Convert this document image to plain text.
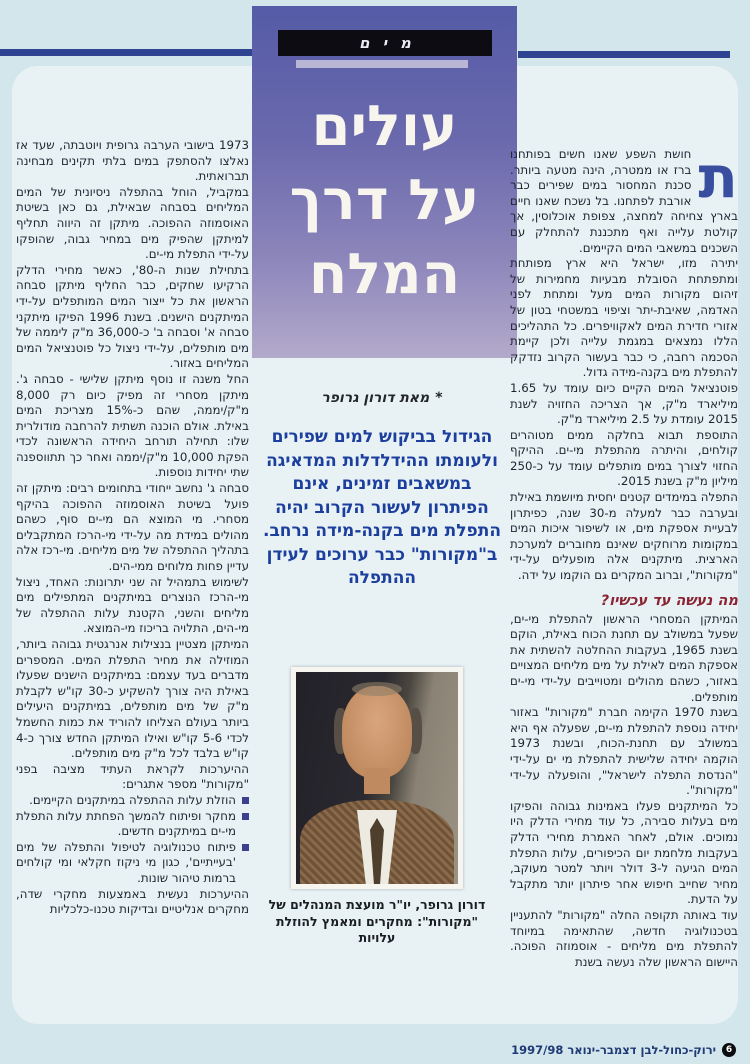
מים
עולים
על דרך
המלח

ת
חושת השפע שאנו חשים בפותחנו ברז או ממטרה, הינה מטעה ביותר. סכנת המחסור במים שפירים כבר אורבת לפתחנו. בל נשכח שאנו חיים בארץ צחיחה למחצה, צפופת אוכלוסין, אך קולטת עלייה ואף מתכננת להתחלק עם השכנים במשאבי המים הקיימים.

יתירה מזו, ישראל היא ארץ מפותחת ומתפתחת הסובלת מבעיות מחמירות של זיהום מקורות המים מעל ומתחת לפני האדמה, שאיבת-יתר וציפוי במשטחי בטון של אזורי חדירת המים לאקוויפרים. כל התהליכים הללו נמצאים במגמת עלייה ולכן קיימת הסכמה רחבה, כי כבר בעשור הקרוב נזדקק להתפלת מים בקנה-מידה גדול.

פוטנציאל המים הקיים כיום עומד על 1.65 מיליארד מ"ק, אך הצריכה החזויה לשנת 2015 עומדת על 2.5 מיליארד מ"ק.

התוספת תבוא בחלקה ממים מטוהרים קולחים, והיתרה מהתפלת מי-ים. ההיקף החזוי לצורך במים מותפלים עומד על כ-250 מיליון מ"ק בשנת 2015.

התפלה במימדים קטנים יחסית מיושמת באילת ובערבה כבר למעלה מ-30 שנה, כפיתרון לבעיית אספקת מים, או לשיפור איכות המים במקומות מרוחקים שאינם מחוברים למערכת הארצית. מיתקנים אלה מופעלים על-ידי "מקורות", וברוב המקרים גם הוקמו על ידה.

מה נעשה עד עכשיו?

המיתקן המסחרי הראשון להתפלת מי-ים, שפעל במשולב עם תחנת הכוח באילת, הוקם בשנת 1965, בעקבות ההחלטה להשתית את אספקת המים לאילת על מים מליחים המצויים באזור, כשהם מהולים ומטוייבים על-ידי מי-ים מותפלים.

בשנת 1970 הקימה חברת "מקורות" באזור יחידה נוספת להתפלת מי-ים, שפעלה אף היא במשולב עם תחנת-הכוח, ובשנת 1973 הוקמה יחידה שלישית להתפלת מי ים על-ידי "הנדסת התפלה לישראל", והופעלה על-ידי "מקורות".

כל המיתקנים פעלו באמינות גבוהה והפיקו מים בעלות סבירה, כל עוד מחירי הדלק היו נמוכים. אולם, לאחר האמרת מחירי הדלק בעקבות מלחמת יום הכיפורים, עלות התפלת המים הגיעה ל-3 דולר ויותר למטר מעוקב, מחיר שחייב חיפוש אחר פיתרון יותר מתקבל על הדעת.

עוד באותה תקופה החלה "מקורות" להתעניין בטכנולוגיה חדשה, שהתאימה במיוחד להתפלת מים מליחים - אוסמוזה הפוכה. היישום הראשון שלה נעשה בשנת

*מאת דורון גרופר
הגידול בביקוש למים שפירים ולעומתו ההידלדלות המדאיגה במשאבים זמינים, אינם הפיתרון לעשור הקרוב יהיה התפלת מים בקנה-מידה נרחב. ב"מקורות" כבר ערוכים לעידן ההתפלה
דורון גרופר, יו"ר מועצת המנהלים של "מקורות": מחקרים ומאמץ להוזלת עלויות

1973 בישובי הערבה גרופית ויוטבתה, שעד אז נאלצו להסתפק במים בלתי תקינים מבחינה תברואתית.

במקביל, הוחל בהתפלה ניסיונית של המים המליחים בסבחה שבאילת, גם כאן בשיטת האוסמוזה ההפוכה. מיתקן זה היווה תחליף למיתקן שהפיק מים במחיר גבוה, שהופקו על-ידי התפלת מי-ים.

בתחילת שנות ה-80', כאשר מחירי הדלק הרקיעו שחקים, כבר החליף מיתקן סבחה הראשון את כל ייצור המים המותפלים על-ידי המיתקנים הישנים. בשנת 1996 הפיקו מיתקני סבחה א' וסבחה ב' כ-36,000 מ"ק ליממה של מים מותפלים, על-ידי ניצול כל פוטנציאל המים המליחים באזור.

החל משנה זו נוסף מיתקן שלישי - סבחה ג'. מיתקן מסחרי זה מפיק כיום רק 8,000 מ"ק/יממה, שהם כ-15% מצריכת המים באילת. אולם הוכנה תשתית להרחבה מודולרית שלו: תחילה תורחב היחידה הראשונה לכדי הפקת 10,000 מ"ק/יממה ואחר כך תתווספנה שתי יחידות נוספות.

סבחה ג' נחשב ייחודי בתחומים רבים: מיתקן זה פועל בשיטת האוסמוזה ההפוכה בהיקף מסחרי. מי המוצא הם מי-ים סוף, כשהם מהולים במידת מה על-ידי מי-הרכז המתקבלים בתהליך ההתפלה של מים מליחים. מי-רכז אלה עדיין פחות מלוחים ממי-הים.

לשימוש בתמהיל זה שני יתרונות: האחד, ניצול מי-הרכז הנוצרים במיתקנים המתפילים מים מליחים והשני, הקטנת עלות ההתפלה של מי-הים, התלויה בריכוז מי-המוצא.

המיתקן מצטיין בנצילות אנרגטית גבוהה ביותר, המוזילה את מחיר התפלת המים. המספרים מדברים בעד עצמם: במיתקנים הישנים שפעלו באילת היה צורך להשקיע כ-30 קו"ש לקבלת מ"ק של מים מותפלים, במיתקנים היעילים ביותר בעולם הצליחו להוריד את כמות החשמל לכדי 5-6 קו"ש ואילו המיתקן החדש צורך כ-4 קו"ש בלבד לכל מ"ק מים מותפלים.

ההיערכות לקראת העתיד מציבה בפני "מקורות" מספר אתגרים:

הוזלת עלות ההתפלה במיתקנים הקיימים.
מחקר ופיתוח להמשך הפחתת עלות התפלת מי-ים במיתקנים חדשים.
פיתוח טכנולוגיה לטיפול והתפלה של מים 'בעייתיים', כגון מי ניקוז חקלאי ומי קולחים ברמות טיהור שונות.

ההיערכות נעשית באמצעות מחקרי שדה, מחקרים אנליטיים ובדיקות טכנו-כלכליות

6
ירוק-כחול-לבן דצמבר-ינואר 1997/98
